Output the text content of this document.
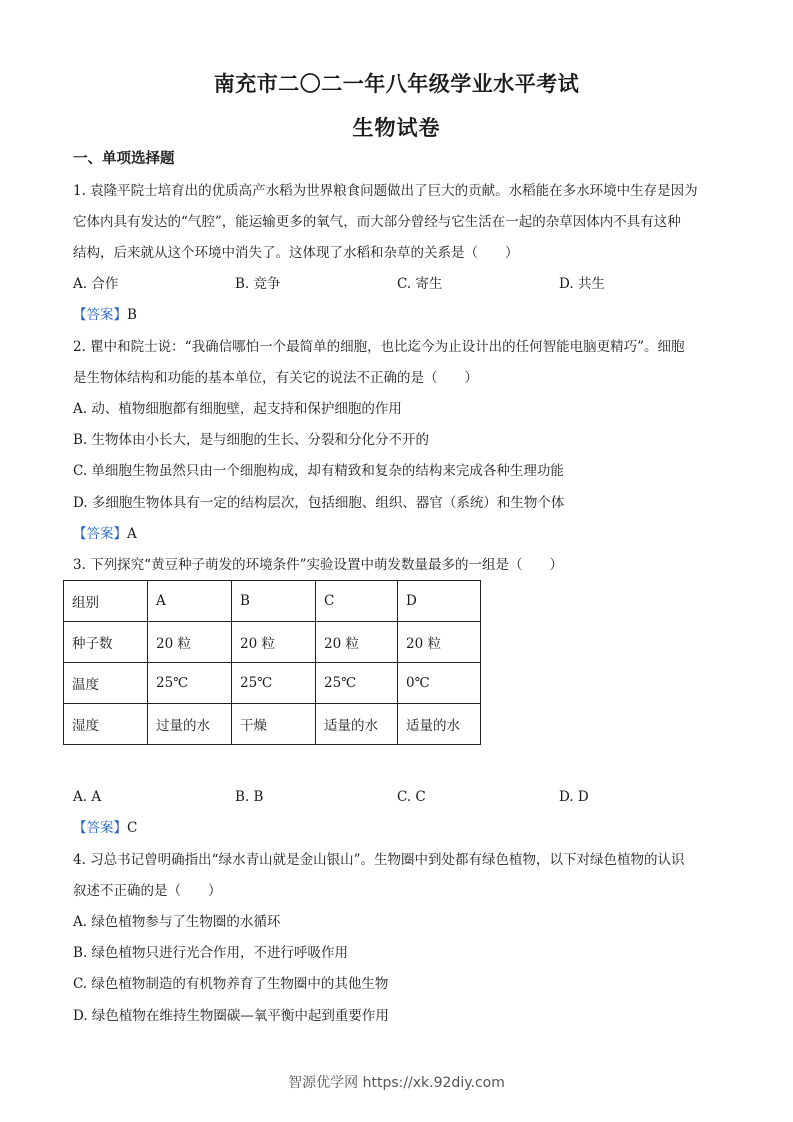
南充市二〇二一年八年级学业水平考试
生物试卷
一、单项选择题
1. 袁隆平院士培育出的优质高产水稻为世界粮食问题做出了巨大的贡献。水稻能在多水环境中生存是因为
它体内具有发达的“气腔”，能运输更多的氧气，而大部分曾经与它生活在一起的杂草因体内不具有这种
结构，后来就从这个环境中消失了。这体现了水稻和杂草的关系是（　　）
A. 合作	B. 竞争	C. 寄生	D. 共生
【答案】B
2. 瞿中和院士说：“我确信哪怕一个最简单的细胞，也比迄今为止设计出的任何智能电脑更精巧”。细胞
是生物体结构和功能的基本单位，有关它的说法不正确的是（　　）
A. 动、植物细胞都有细胞壁，起支持和保护细胞的作用
B. 生物体由小长大，是与细胞的生长、分裂和分化分不开的
C. 单细胞生物虽然只由一个细胞构成，却有精致和复杂的结构来完成各种生理功能
D. 多细胞生物体具有一定的结构层次，包括细胞、组织、器官（系统）和生物个体
【答案】A
3. 下列探究“黄豆种子萌发的环境条件”实验设置中萌发数量最多的一组是（　　）
组别	A	B	C	D
种子数	20 粒	20 粒	20 粒	20 粒
温度	25℃	25℃	25℃	0℃
湿度	过量的水	干燥	适量的水	适量的水
A. A	B. B	C. C	D. D
【答案】C
4. 习总书记曾明确指出“绿水青山就是金山银山”。生物圈中到处都有绿色植物，以下对绿色植物的认识
叙述不正确的是（　　）
A. 绿色植物参与了生物圈的水循环
B. 绿色植物只进行光合作用，不进行呼吸作用
C. 绿色植物制造的有机物养育了生物圈中的其他生物
D. 绿色植物在维持生物圈碳—氧平衡中起到重要作用
智源优学网 https://xk.92diy.com
